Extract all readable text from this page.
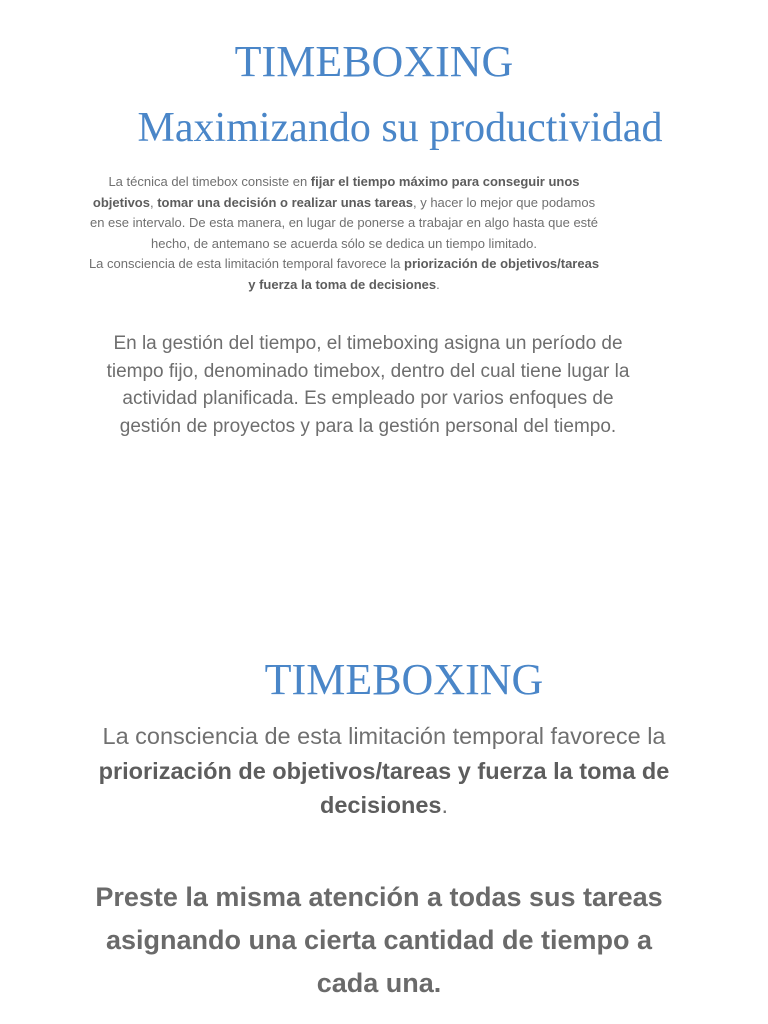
TIMEBOXING
Maximizando su productividad

La técnica del timebox consiste en fijar el tiempo máximo para conseguir unos objetivos, tomar una decisión o realizar unas tareas, y hacer lo mejor que podamos en ese intervalo. De esta manera, en lugar de ponerse a trabajar en algo hasta que esté hecho, de antemano se acuerda sólo se dedica un tiempo limitado.

La consciencia de esta limitación temporal favorece la priorización de objetivos/tareas y fuerza la toma de decisiones.

En la gestión del tiempo, el timeboxing asigna un período de tiempo fijo, denominado timebox, dentro del cual tiene lugar la actividad planificada. Es empleado por varios enfoques de gestión de proyectos y para la gestión personal del tiempo.

TIMEBOXING

La consciencia de esta limitación temporal favorece la priorización de objetivos/tareas y fuerza la toma de decisiones.

Preste la misma atención a todas sus tareas asignando una cierta cantidad de tiempo a cada una.
